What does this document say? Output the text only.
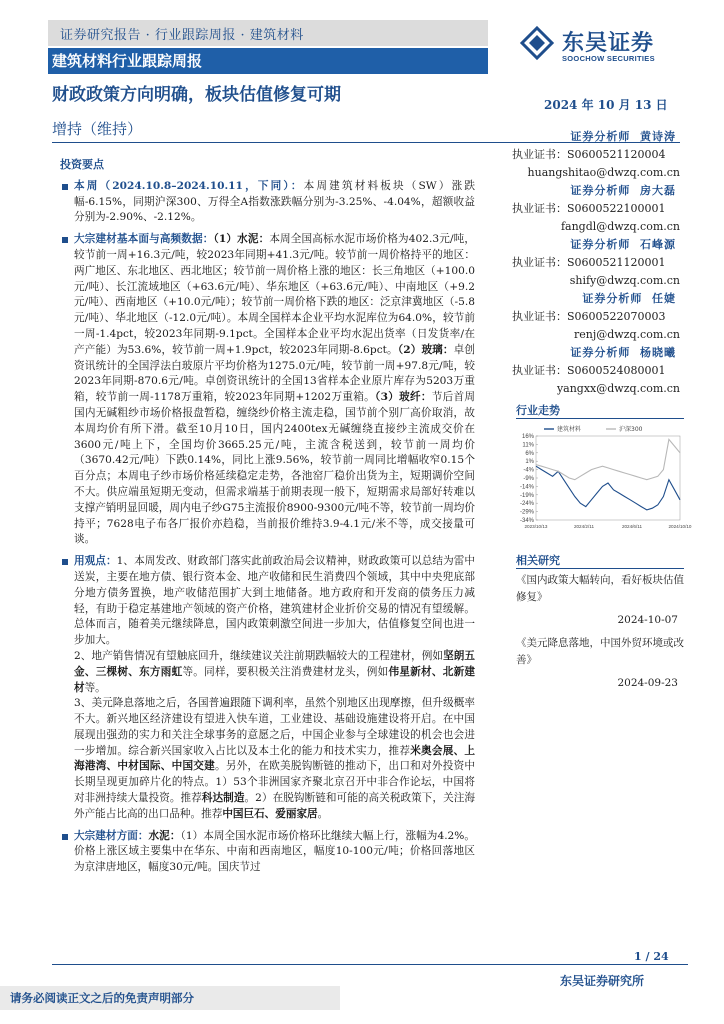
证券研究报告 · 行业跟踪周报 · 建筑材料
建筑材料行业跟踪周报
东吴证券
SOOCHOW SECURITIES
财政政策方向明确，板块估值修复可期	2024 年 10 月 13 日
增持（维持）	证券分析师 黄诗涛
执业证书：S0600521120004
huangshitao@dwzq.com.cn
证券分析师 房大磊
执业证书：S0600522100001
fangdl@dwzq.com.cn
证券分析师 石峰源
执业证书：S0600521120001
shify@dwzq.com.cn
证券分析师 任婕
执业证书：S0600522070003
renj@dwzq.com.cn
证券分析师 杨晓曦
执业证书：S0600524080001
yangxx@dwzq.com.cn
行业走势
16%
11%
6%
1%
-4%
-9%
-14%
-19%
-24%
-29%
-34%
2023/10/13	2024/2/11	2024/6/11	2024/10/10
建筑材料	沪深300
相关研究
《国内政策大幅转向，看好板块估值修复》
2024-10-07
《美元降息落地，中国外贸环境或改善》
2024-09-23
投资要点
本周（2024.10.8–2024.10.11，下同）：本周建筑材料板块（SW）涨跌幅-6.15%，同期沪深300、万得全A指数涨跌幅分别为-3.25%、-4.04%，超额收益分别为-2.90%、-2.12%。
大宗建材基本面与高频数据：（1）水泥：本周全国高标水泥市场价格为402.3元/吨，较节前一周+16.3元/吨，较2023年同期+41.3元/吨。较节前一周价格持平的地区：两广地区、东北地区、西北地区；较节前一周价格上涨的地区：长三角地区（+100.0元/吨）、长江流域地区（+63.6元/吨）、华东地区（+63.6元/吨）、中南地区（+9.2元/吨）、西南地区（+10.0元/吨）；较节前一周价格下跌的地区：泛京津冀地区（-5.8元/吨）、华北地区（-12.0元/吨）。本周全国样本企业平均水泥库位为64.0%，较节前一周-1.4pct，较2023年同期-9.1pct。全国样本企业平均水泥出货率（日发货率/在产产能）为53.6%，较节前一周+1.9pct，较2023年同期-8.6pct。（2）玻璃：卓创资讯统计的全国浮法白玻原片平均价格为1275.0元/吨，较节前一周+97.8元/吨，较2023年同期-870.6元/吨。卓创资讯统计的全国13省样本企业原片库存为5203万重箱，较节前一周-1178万重箱，较2023年同期+1202万重箱。（3）玻纤：节后首周国内无碱粗纱市场价格报盘暂稳，缠绕纱价格主流走稳，国节前个别厂高价取消，故本周均价有所下滑。截至10月10日，国内2400tex无碱缠绕直接纱主流成交价在3600元/吨上下，全国均价3665.25元/吨，主流含税送到，较节前一周均价（3670.42元/吨）下跌0.14%，同比上涨9.56%，较节前一周同比增幅收窄0.15个百分点；本周电子纱市场价格延续稳定走势，各池窑厂稳价出货为主，短期调价空间不大。供应端虽短期无变动，但需求端基于前期表现一般下，短期需求局部好转难以支撑产销明显回暖，周内电子纱G75主流报价8900-9300元/吨不等，较节前一周均价持平；7628电子布各厂报价亦趋稳，当前报价维持3.9-4.1元/米不等，成交接量可谈。
用观点：1、本周发改、财政部门落实此前政治局会议精神，财政政策可以总结为雷中送炭，主要在地方债、银行资本金、地产收储和民生消费四个领域，其中中央兜底部分地方债务置换，地产收储范围扩大到土地储备。地方政府和开发商的债务压力减轻，有助于稳定基建地产领域的资产价格，建筑建材企业折价交易的情况有望缓解。总体而言，随着美元继续降息，国内政策刺激空间进一步加大，估值修复空间也进一步加大。
2、地产销售情况有望触底回升，继续建议关注前期跌幅较大的工程建材，例如坚朗五金、三棵树、东方雨虹等。同样，要积极关注消费建材龙头，例如伟星新材、北新建材等。
3、美元降息落地之后，各国普遍跟随下调利率，虽然个别地区出现摩擦，但升级概率不大。新兴地区经济建设有望进入快车道，工业建设、基础设施建设将开启。在中国展现出强劲的实力和关注全球事务的意愿之后，中国企业参与全球建设的机会也会进一步增加。综合新兴国家收入占比以及本土化的能力和技术实力，推荐米奥会展、上海港湾、中材国际、中国交建。另外，在欧美脱钩断链的推动下，出口和对外投资中长期呈现更加碎片化的特点。1）53个非洲国家齐聚北京召开中非合作论坛，中国将对非洲持续大量投资。推荐科达制造。2）在脱钩断链和可能的高关税政策下，关注海外产能占比高的出口品种。推荐中国巨石、爱丽家居。
大宗建材方面：水泥：（1）本周全国水泥市场价格环比继续大幅上行，涨幅为4.2%。价格上涨区域主要集中在华东、中南和西南地区，幅度10-100元/吨；价格回落地区为京津唐地区，幅度30元/吨。国庆节过
1 / 24
东吴证券研究所
请务必阅读正文之后的免责声明部分
